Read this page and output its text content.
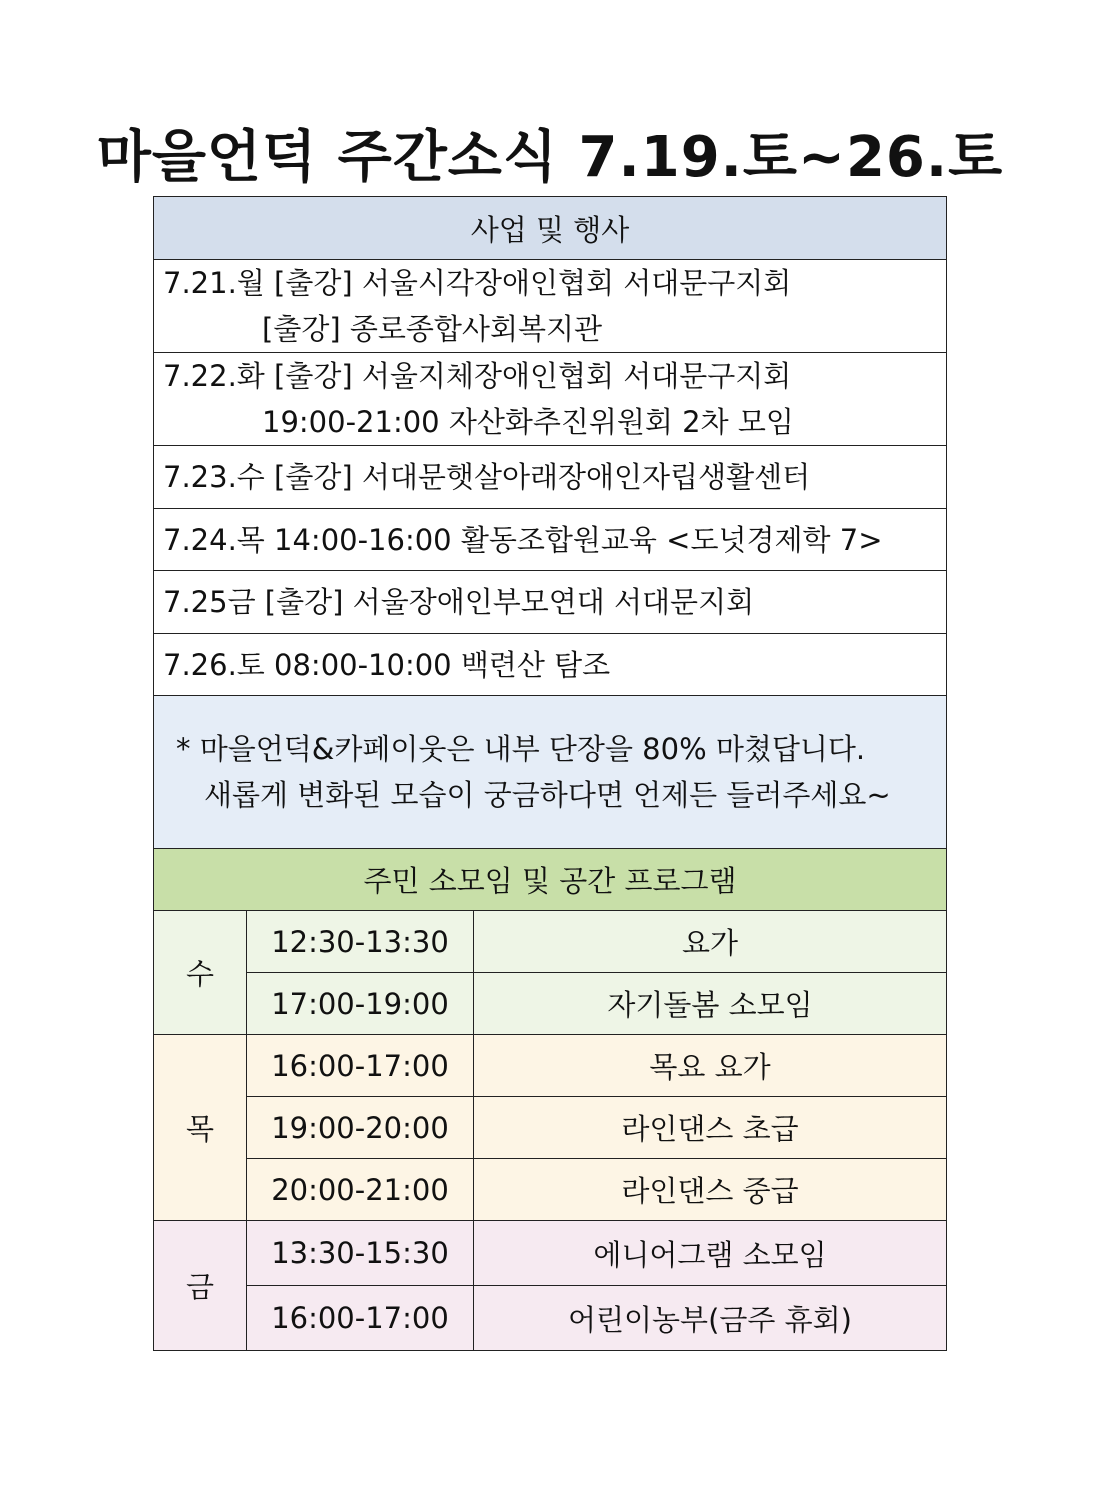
마을언덕 주간소식 7.19.토~26.토
사업 및 행사		

7.21.월 [출강] 서울시각장애인협회 서대문구지회
[출강] 종로종합사회복지관		

7.22.화 [출강] 서울지체장애인협회 서대문구지회
19:00-21:00 자산화추진위원회 2차 모임		

7.23.수 [출강] 서대문햇살아래장애인자립생활센터		

7.24.목 14:00-16:00 활동조합원교육 <도넛경제학 7>		

7.25금 [출강] 서울장애인부모연대 서대문지회		

7.26.토 08:00-10:00 백련산 탐조		

* 마을언덕&카페이웃은 내부 단장을 80% 마쳤답니다.
새롭게 변화된 모습이 궁금하다면 언제든 들러주세요~		

주민 소모임 및 공간 프로그램		
수	12:30-13:30	요가
	17:00-19:00	자기돌봄 소모임
목	16:00-17:00	목요 요가
	19:00-20:00	라인댄스 초급
	20:00-21:00	라인댄스 중급
금	13:30-15:30	에니어그램 소모임
	16:00-17:00	어린이농부(금주 휴회)
